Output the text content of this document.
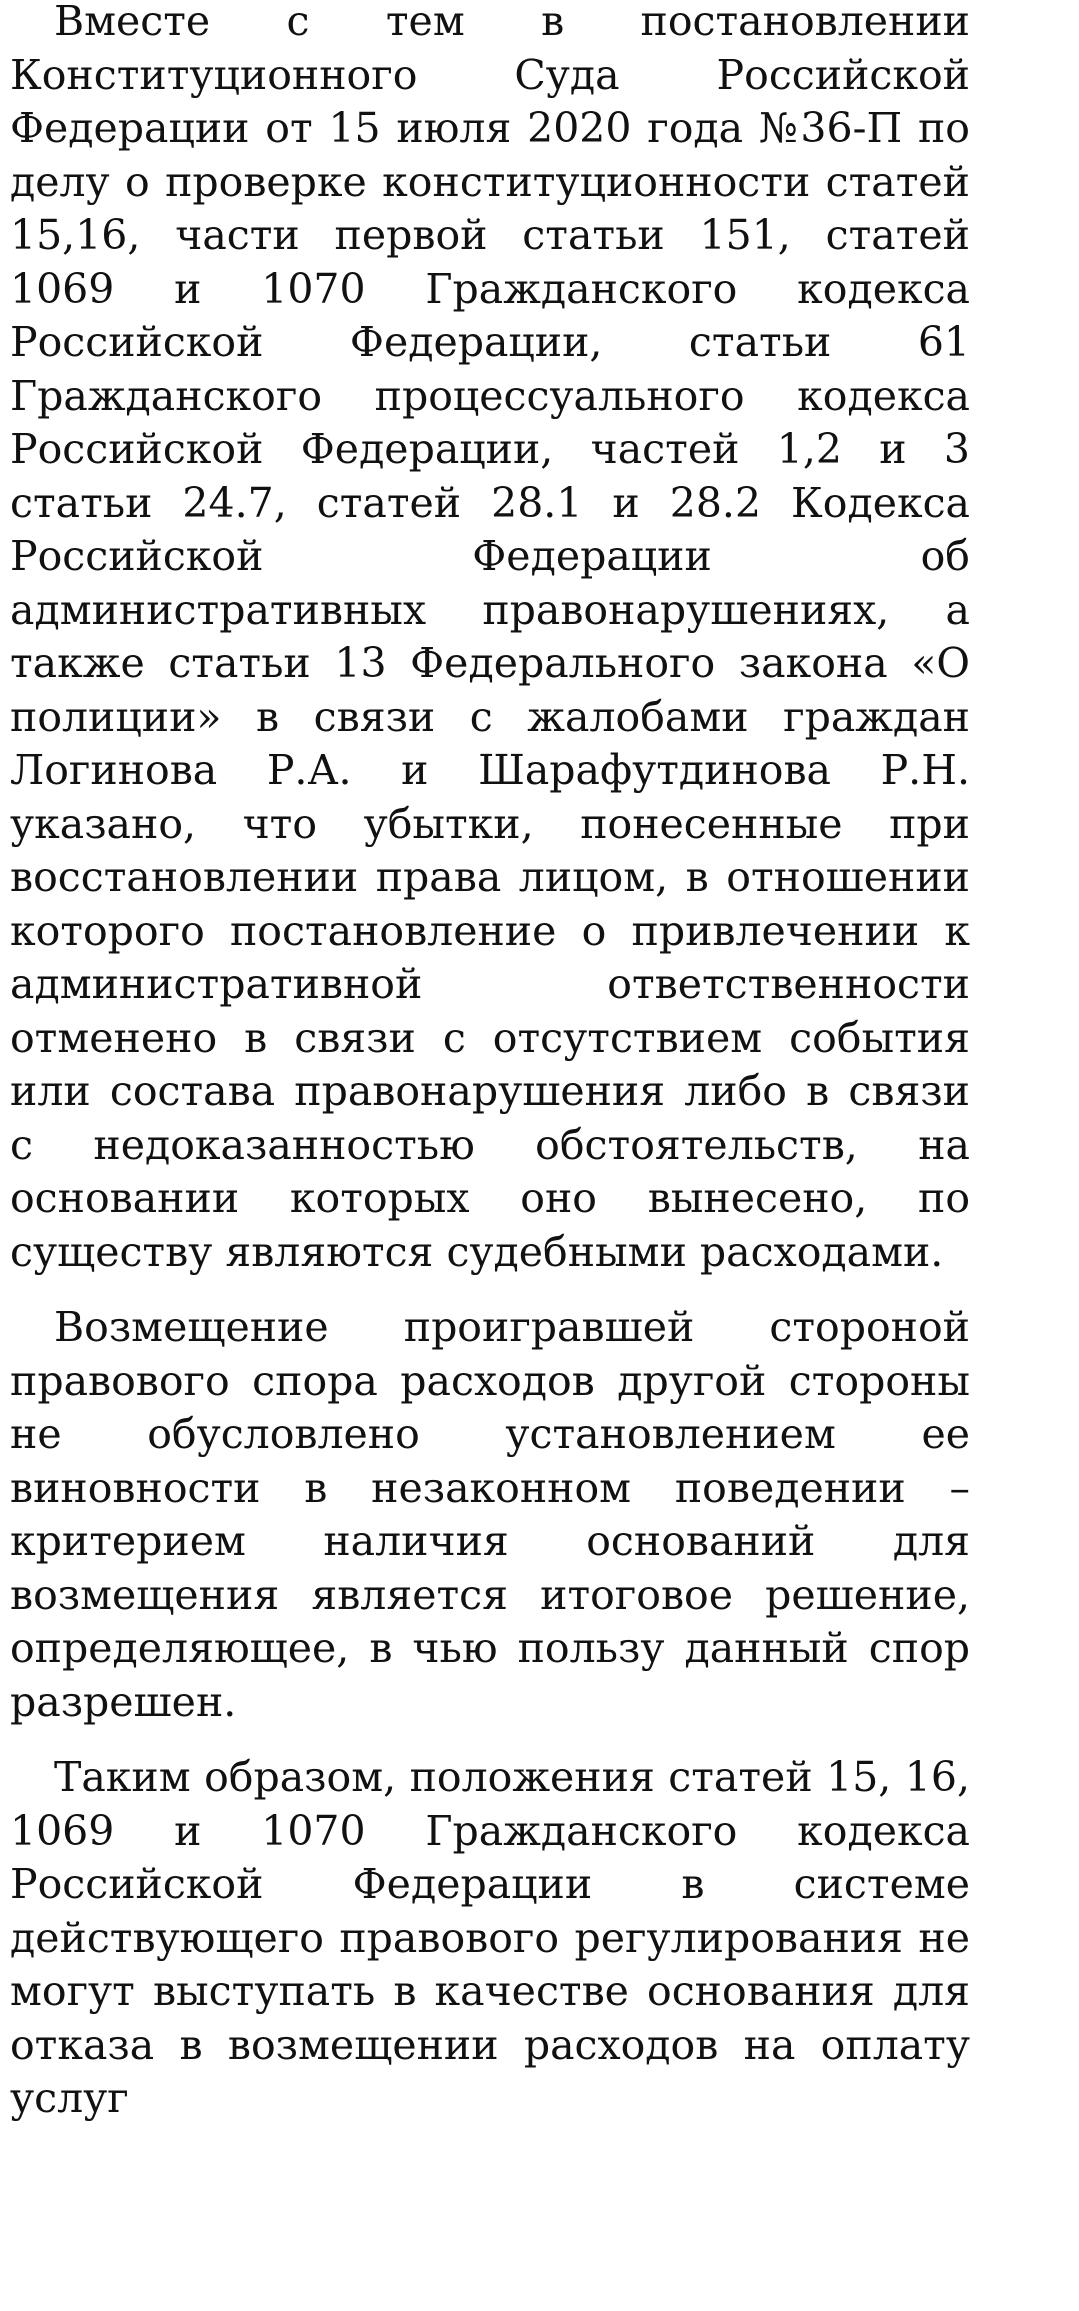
Вместе с тем в постановлении Конституционного Суда Российской Федерации от 15 июля 2020 года №36-П по делу о проверке конституционности статей 15,16, части первой статьи 151, статей 1069 и 1070 Гражданского кодекса Российской Федерации, статьи 61 Гражданского процессуального кодекса Российской Федерации, частей 1,2 и 3 статьи 24.7, статей 28.1 и 28.2 Кодекса Российской Федерации об административных правонарушениях, а также статьи 13 Федерального закона «О полиции» в связи с жалобами граждан Логинова Р.А. и Шарафутдинова Р.Н. указано, что убытки, понесенные при восстановлении права лицом, в отношении которого постановление о привлечении к административной ответственности отменено в связи с отсутствием события или состава правонарушения либо в связи с недоказанностью обстоятельств, на основании которых оно вынесено, по существу являются судебными расходами.

Возмещение проигравшей стороной правового спора расходов другой стороны не обусловлено установлением ее виновности в незаконном поведении – критерием наличия оснований для возмещения является итоговое решение, определяющее, в чью пользу данный спор разрешен.

Таким образом, положения статей 15, 16, 1069 и 1070 Гражданского кодекса Российской Федерации в системе действующего правового регулирования не могут выступать в качестве основания для отказа в возмещении расходов на оплату услуг
